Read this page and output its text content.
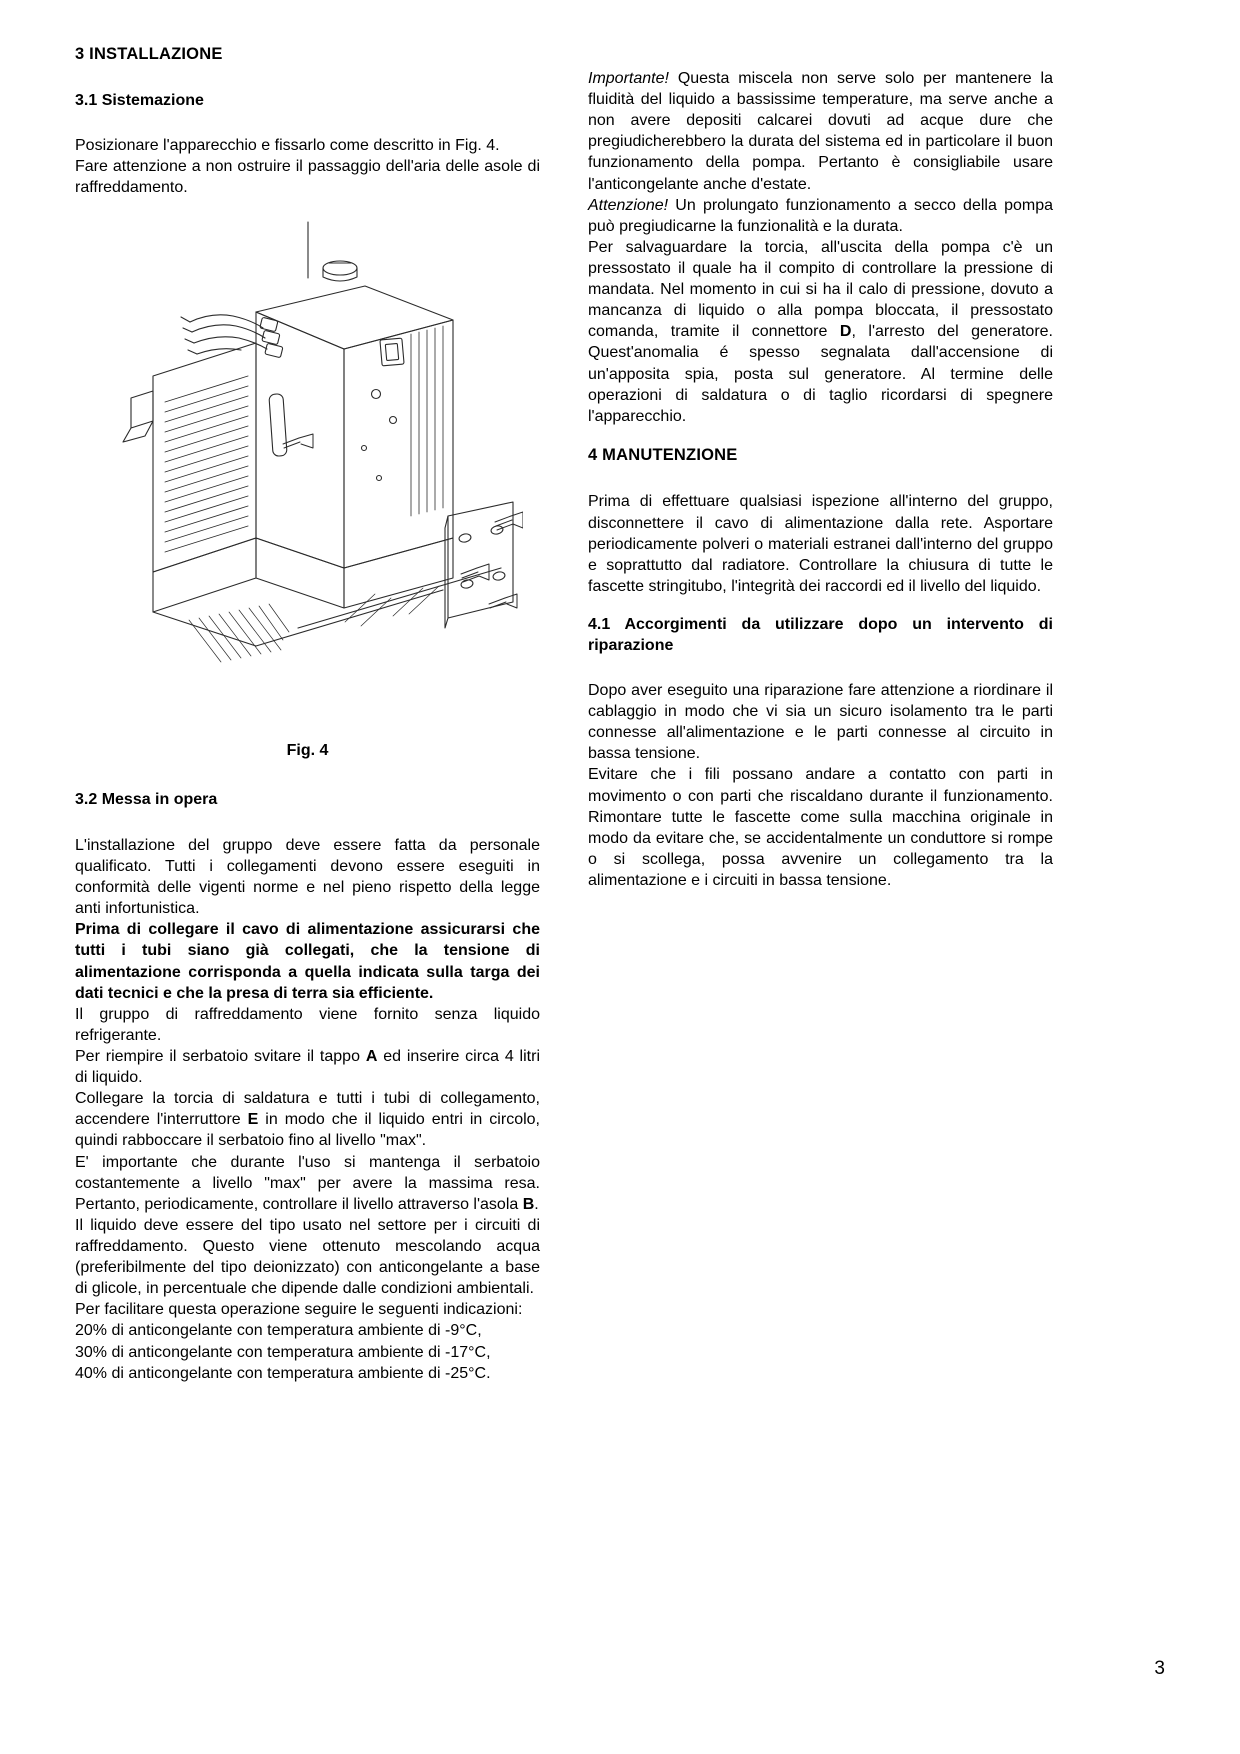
3 INSTALLAZIONE
3.1 Sistemazione

Posizionare l'apparecchio e fissarlo come descritto in Fig. 4.

Fare attenzione a non ostruire il passaggio dell'aria delle asole di raffreddamento.

Fig. 4
3.2 Messa in opera

L'installazione del gruppo deve essere fatta da personale qualificato. Tutti i collegamenti devono essere eseguiti in conformità delle vigenti norme e nel pieno rispetto della legge anti infortunistica.

Prima di collegare il cavo di alimentazione assicurarsi che tutti i tubi siano già collegati, che la tensione di alimentazione corrisponda a quella indicata sulla targa dei dati tecnici e che la presa di terra sia efficiente.

Il gruppo di raffreddamento viene fornito senza liquido refrigerante.

Per riempire il serbatoio svitare il tappo A ed inserire circa 4 litri di liquido.

Collegare la torcia di saldatura e tutti i tubi di collegamento, accendere l'interruttore E in modo che il liquido entri in circolo, quindi rabboccare il serbatoio fino al livello "max".

E' importante che durante l'uso si mantenga il serbatoio costantemente a livello "max" per avere la massima resa. Pertanto, periodicamente, controllare il livello attraverso l'asola B.

Il liquido deve essere del tipo usato nel settore per i circuiti di raffreddamento. Questo viene ottenuto mescolando acqua (preferibilmente del tipo deionizzato) con anticongelante a base di glicole, in percentuale che dipende dalle condizioni ambientali.

Per facilitare questa operazione seguire le seguenti indicazioni:

20% di anticongelante con temperatura ambiente di -9°C,

30% di anticongelante con temperatura ambiente di -17°C,

40% di anticongelante con temperatura ambiente di -25°C.

Importante! Questa miscela non serve solo per mantenere la fluidità del liquido a bassissime temperature, ma serve anche a non avere depositi calcarei dovuti ad acque dure che pregiudicherebbero la durata del sistema ed in particolare il buon funzionamento della pompa. Pertanto è consigliabile usare l'anticongelante anche d'estate.

Attenzione! Un prolungato funzionamento a secco della pompa può pregiudicarne la funzionalità e la durata.

Per salvaguardare la torcia, all'uscita della pompa c'è un pressostato il quale ha il compito di controllare la pressione di mandata. Nel momento in cui si ha il calo di pressione, dovuto a mancanza di liquido o alla pompa bloccata, il pressostato comanda, tramite il connettore D, l'arresto del generatore. Quest'anomalia é spesso segnalata dall'accensione di un'apposita spia, posta sul generatore. Al termine delle operazioni di saldatura o di taglio ricordarsi di spegnere l'apparecchio.

4 MANUTENZIONE

Prima di effettuare qualsiasi ispezione all'interno del gruppo, disconnettere il cavo di alimentazione dalla rete. Asportare periodicamente polveri o materiali estranei dall'interno del gruppo e soprattutto dal radiatore. Controllare la chiusura di tutte le fascette stringitubo, l'integrità dei raccordi ed il livello del liquido.

4.1 Accorgimenti da utilizzare dopo un intervento di riparazione

Dopo aver eseguito una riparazione fare attenzione a riordinare il cablaggio in modo che vi sia un sicuro isolamento tra le parti connesse all'alimentazione e le parti connesse al circuito in bassa tensione.

Evitare che i fili possano andare a contatto con parti in movimento o con parti che riscaldano durante il funzionamento. Rimontare tutte le fascette come sulla macchina originale in modo da evitare che, se accidentalmente un conduttore si rompe o si scollega, possa avvenire un collegamento tra la alimentazione e i circuiti in bassa tensione.

3
